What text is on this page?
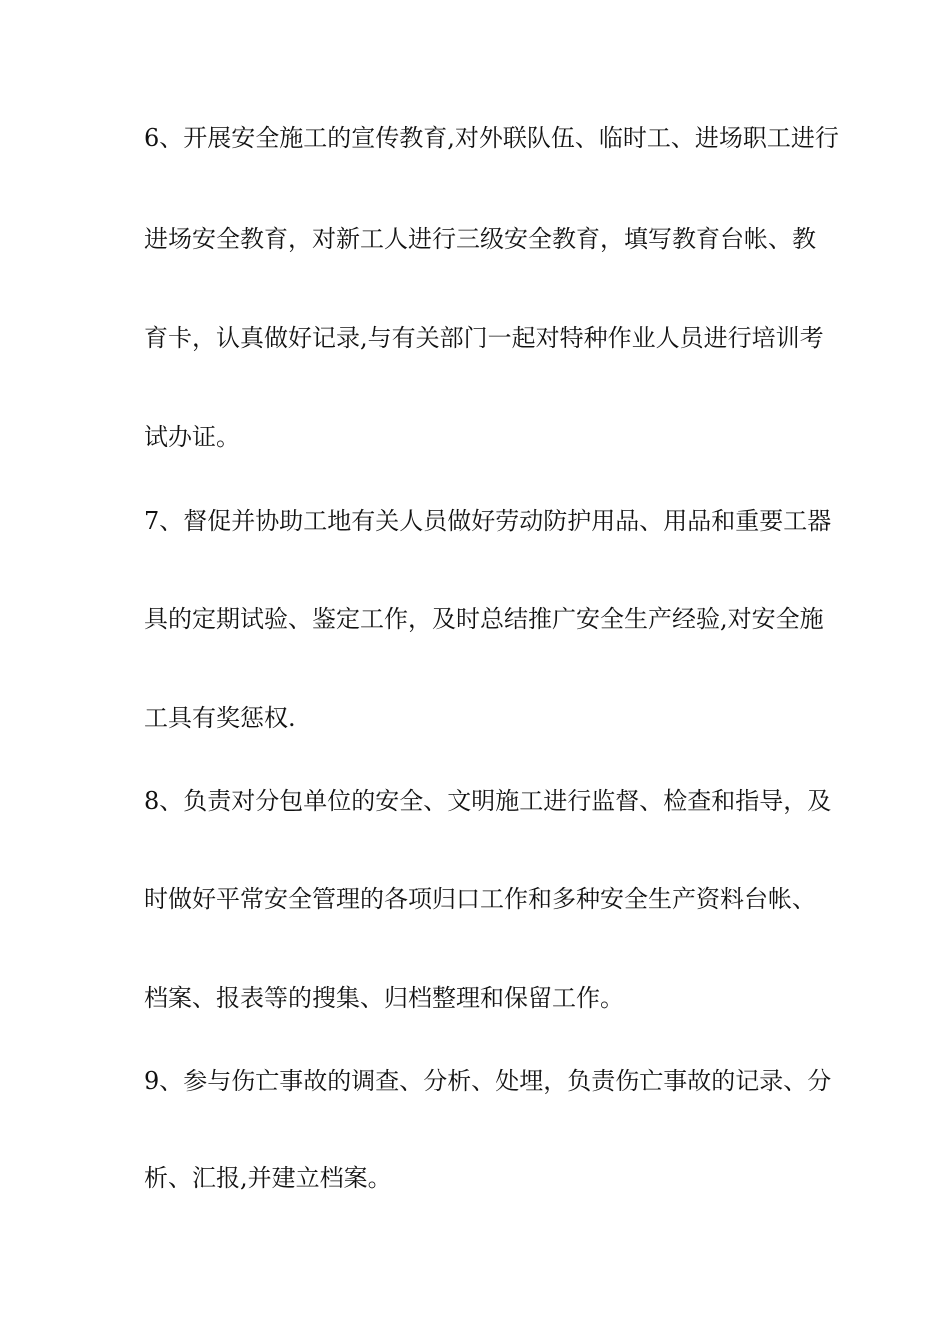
6、开展安全施工的宣传教育,对外联队伍、临时工、进场职工进行
进场安全教育，对新工人进行三级安全教育，填写教育台帐、教
育卡，认真做好记录,与有关部门一起对特种作业人员进行培训考
试办证。
7、督促并协助工地有关人员做好劳动防护用品、用品和重要工器
具的定期试验、鉴定工作，及时总结推广安全生产经验,对安全施
工具有奖惩权.
8、负责对分包单位的安全、文明施工进行监督、检查和指导，及
时做好平常安全管理的各项归口工作和多种安全生产资料台帐、
档案、报表等的搜集、归档整理和保留工作。
9、参与伤亡事故的调查、分析、处埋，负责伤亡事故的记录、分
析、汇报,并建立档案。
